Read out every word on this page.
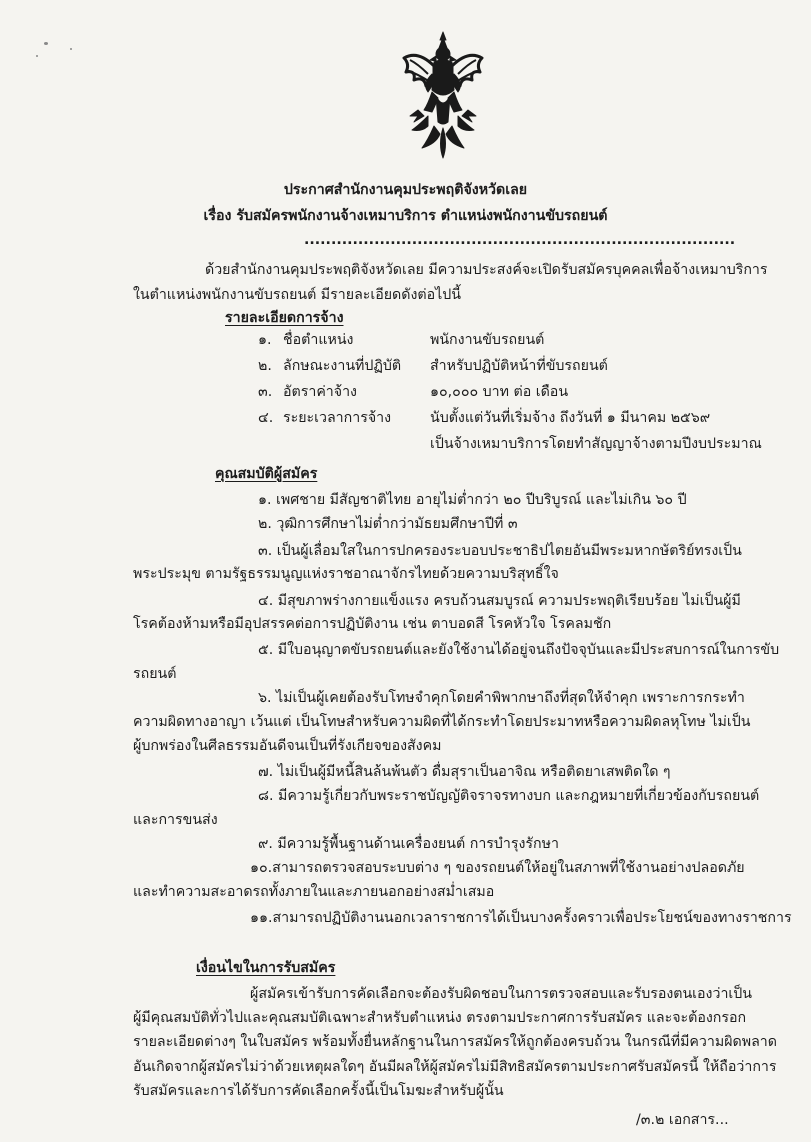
ประกาศสำนักงานคุมประพฤติจังหวัดเลย
เรื่อง รับสมัครพนักงานจ้างเหมาบริการ ตำแหน่งพนักงานขับรถยนต์
................................................................................
ด้วยสำนักงานคุมประพฤติจังหวัดเลย มีความประสงค์จะเปิดรับสมัครบุคคลเพื่อจ้างเหมาบริการ
ในตำแหน่งพนักงานขับรถยนต์ มีรายละเอียดดังต่อไปนี้
รายละเอียดการจ้าง
๑. ชื่อตำแหน่ง	พนักงานขับรถยนต์
๒. ลักษณะงานที่ปฏิบัติ สำหรับปฏิบัติหน้าที่ขับรถยนต์
๓. อัตราค่าจ้าง	๑๐,๐๐๐ บาท ต่อ เดือน
๔. ระยะเวลาการจ้าง	นับตั้งแต่วันที่เริ่มจ้าง ถึงวันที่ ๑ มีนาคม ๒๕๖๙
เป็นจ้างเหมาบริการโดยทำสัญญาจ้างตามปีงบประมาณ
คุณสมบัติผู้สมัคร
๑. เพศชาย มีสัญชาติไทย อายุไม่ต่ำกว่า ๒๐ ปีบริบูรณ์ และไม่เกิน ๖๐ ปี
๒. วุฒิการศึกษาไม่ต่ำกว่ามัธยมศึกษาปีที่ ๓
๓. เป็นผู้เลื่อมใสในการปกครองระบอบประชาธิปไตยอันมีพระมหากษัตริย์ทรงเป็น
พระประมุข ตามรัฐธรรมนูญแห่งราชอาณาจักรไทยด้วยความบริสุทธิ์ใจ
๔. มีสุขภาพร่างกายแข็งแรง ครบถ้วนสมบูรณ์ ความประพฤติเรียบร้อย ไม่เป็นผู้มี
โรคต้องห้ามหรือมีอุปสรรคต่อการปฏิบัติงาน เช่น ตาบอดสี โรคหัวใจ โรคลมชัก
๕. มีใบอนุญาตขับรถยนต์และยังใช้งานได้อยู่จนถึงปัจจุบันและมีประสบการณ์ในการขับ
รถยนต์
๖. ไม่เป็นผู้เคยต้องรับโทษจำคุกโดยคำพิพากษาถึงที่สุดให้จำคุก เพราะการกระทำ
ความผิดทางอาญา เว้นแต่ เป็นโทษสำหรับความผิดที่ได้กระทำโดยประมาทหรือความผิดลหุโทษ ไม่เป็น
ผู้บกพร่องในศีลธรรมอันดีจนเป็นที่รังเกียจของสังคม
๗. ไม่เป็นผู้มีหนี้สินล้นพ้นตัว ดื่มสุราเป็นอาจิณ หรือติดยาเสพติดใด ๆ
๘. มีความรู้เกี่ยวกับพระราชบัญญัติจราจรทางบก และกฎหมายที่เกี่ยวข้องกับรถยนต์
และการขนส่ง
๙. มีความรู้พื้นฐานด้านเครื่องยนต์ การบำรุงรักษา
๑๐.สามารถตรวจสอบระบบต่าง ๆ ของรถยนต์ให้อยู่ในสภาพที่ใช้งานอย่างปลอดภัย
และทำความสะอาดรถทั้งภายในและภายนอกอย่างสม่ำเสมอ
๑๑.สามารถปฏิบัติงานนอกเวลาราชการได้เป็นบางครั้งคราวเพื่อประโยชน์ของทางราชการ
เงื่อนไขในการรับสมัคร
ผู้สมัครเข้ารับการคัดเลือกจะต้องรับผิดชอบในการตรวจสอบและรับรองตนเองว่าเป็น
ผู้มีคุณสมบัติทั่วไปและคุณสมบัติเฉพาะสำหรับตำแหน่ง ตรงตามประกาศการรับสมัคร และจะต้องกรอก
รายละเอียดต่างๆ ในใบสมัคร พร้อมทั้งยื่นหลักฐานในการสมัครให้ถูกต้องครบถ้วน ในกรณีที่มีความผิดพลาด
อันเกิดจากผู้สมัครไม่ว่าด้วยเหตุผลใดๆ อันมีผลให้ผู้สมัครไม่มีสิทธิสมัครตามประกาศรับสมัครนี้ ให้ถือว่าการ
รับสมัครและการได้รับการคัดเลือกครั้งนี้เป็นโมฆะสำหรับผู้นั้น
/๓.๒ เอกสาร...
